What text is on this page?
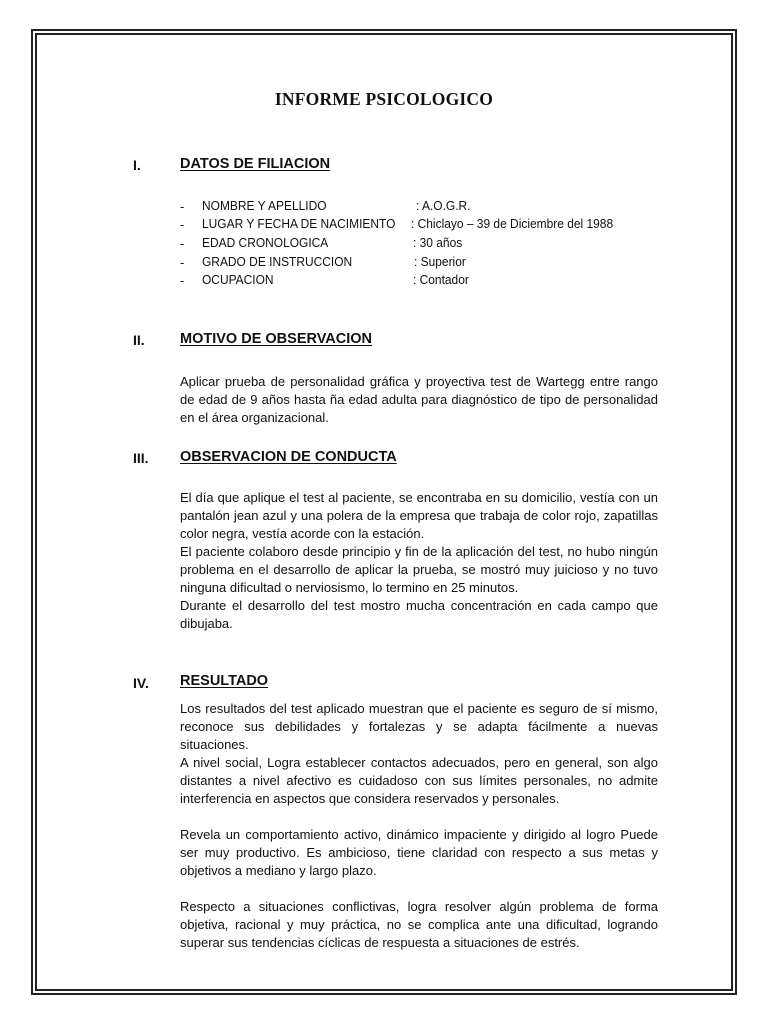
INFORME PSICOLOGICO
I.	DATOS DE FILIACION
- NOMBRE Y APELLIDO	: A.O.G.R.
- LUGAR Y FECHA DE NACIMIENTO : Chiclayo – 39 de Diciembre del 1988
- EDAD CRONOLOGICA	: 30 años
- GRADO DE INSTRUCCION	: Superior
- OCUPACION	: Contador
II. MOTIVO DE OBSERVACION

Aplicar prueba de personalidad gráfica y proyectiva test de Wartegg entre rango de edad de 9 años hasta ña edad adulta para diagnóstico de tipo de personalidad en el área organizacional.

III. OBSERVACION DE CONDUCTA

El día que aplique el test al paciente, se encontraba en su domicilio, vestía con un pantalón jean azul y una polera de la empresa que trabaja de color rojo, zapatillas color negra, vestía acorde con la estación.

El paciente colaboro desde principio y fin de la aplicación del test, no hubo ningún problema en el desarrollo de aplicar la prueba, se mostró muy juicioso y no tuvo ninguna dificultad o nerviosismo, lo termino en 25 minutos.

Durante el desarrollo del test mostro mucha concentración en cada campo que dibujaba.

IV. RESULTADO

Los resultados del test aplicado muestran que el paciente es seguro de sí mismo, reconoce sus debilidades y fortalezas y se adapta fácilmente a nuevas situaciones.

A nivel social, Logra establecer contactos adecuados, pero en general, son algo distantes a nivel afectivo es cuidadoso con sus límites personales, no admite interferencia en aspectos que considera reservados y personales.

Revela un comportamiento activo, dinámico impaciente y dirigido al logro Puede ser muy productivo. Es ambicioso, tiene claridad con respecto a sus metas y objetivos a mediano y largo plazo.

Respecto a situaciones conflictivas, logra resolver algún problema de forma objetiva, racional y muy práctica, no se complica ante una dificultad, logrando superar sus tendencias cíclicas de respuesta a situaciones de estrés.
